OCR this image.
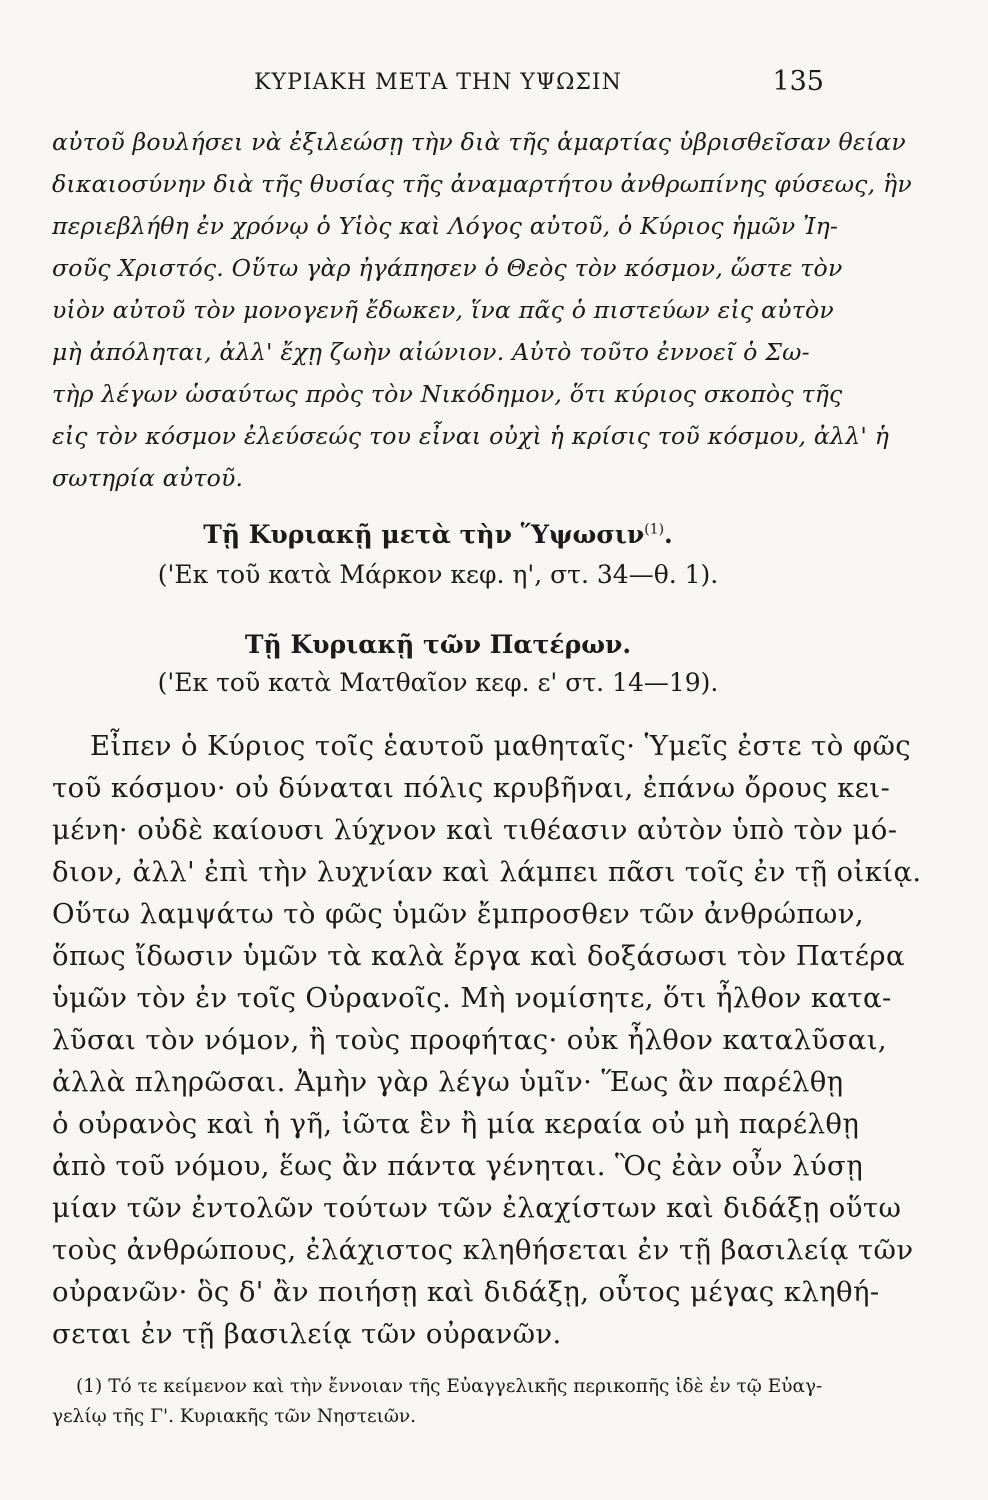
ΚΥΡΙΑΚΗ ΜΕΤΑ ΤΗΝ ΥΨΩΣΙΝ	135
αὐτοῦ βουλήσει νὰ ἐξιλεώσῃ τὴν διὰ τῆς ἁμαρτίας ὑβρισθεῖσαν θείαν
δικαιοσύνην διὰ τῆς θυσίας τῆς ἀναμαρτήτου ἀνθρωπίνης φύσεως, ἣν
περιεβλήθη ἐν χρόνῳ ὁ Υἱὸς καὶ Λόγος αὐτοῦ, ὁ Κύριος ἡμῶν Ἰη-
σοῦς Χριστός. Οὕτω γὰρ ἠγάπησεν ὁ Θεὸς τὸν κόσμον, ὥστε τὸν
υἱὸν αὐτοῦ τὸν μονογενῆ ἔδωκεν, ἵνα πᾶς ὁ πιστεύων εἰς αὐτὸν
μὴ ἀπόληται, ἀλλ' ἔχῃ ζωὴν αἰώνιον. Αὐτὸ τοῦτο ἐννοεῖ ὁ Σω-
τὴρ λέγων ὡσαύτως πρὸς τὸν Νικόδημον, ὅτι κύριος σκοπὸς τῆς
εἰς τὸν κόσμον ἐλεύσεώς του εἶναι οὐχὶ ἡ κρίσις τοῦ κόσμου, ἀλλ' ἡ
σωτηρία αὐτοῦ.
Τῇ Κυριακῇ μετὰ τὴν Ὕψωσιν$^{(1)}$.
('Εκ τοῦ κατὰ Μάρκον κεφ. η', στ. 34—θ. 1).
Τῇ Κυριακῇ τῶν Πατέρων.
('Εκ τοῦ κατὰ Ματθαῖον κεφ. ε' στ. 14—19).
Εἶπεν ὁ Κύριος τοῖς ἑαυτοῦ μαθηταῖς· Ὑμεῖς ἐστε τὸ φῶς
τοῦ κόσμου· οὐ δύναται πόλις κρυβῆναι, ἐπάνω ὄρους κει-
μένη· οὐδὲ καίουσι λύχνον καὶ τιθέασιν αὐτὸν ὑπὸ τὸν μό-
διον, ἀλλ' ἐπὶ τὴν λυχνίαν καὶ λάμπει πᾶσι τοῖς ἐν τῇ οἰκίᾳ.
Οὕτω λαμψάτω τὸ φῶς ὑμῶν ἔμπροσθεν τῶν ἀνθρώπων,
ὅπως ἴδωσιν ὑμῶν τὰ καλὰ ἔργα καὶ δοξάσωσι τὸν Πατέρα
ὑμῶν τὸν ἐν τοῖς Οὐρανοῖς. Μὴ νομίσητε, ὅτι ἦλθον κατα-
λῦσαι τὸν νόμον, ἢ τοὺς προφήτας· οὐκ ἦλθον καταλῦσαι,
ἀλλὰ πληρῶσαι. Ἀμὴν γὰρ λέγω ὑμῖν· Ἕως ἂν παρέλθῃ
ὁ οὐρανὸς καὶ ἡ γῆ, ἰῶτα ἓν ἢ μία κεραία οὐ μὴ παρέλθῃ
ἀπὸ τοῦ νόμου, ἕως ἂν πάντα γένηται. Ὃς ἐὰν οὖν λύσῃ
μίαν τῶν ἐντολῶν τούτων τῶν ἐλαχίστων καὶ διδάξῃ οὕτω
τοὺς ἀνθρώπους, ἐλάχιστος κληθήσεται ἐν τῇ βασιλείᾳ τῶν
οὐρανῶν· ὃς δ' ἂν ποιήσῃ καὶ διδάξῃ, οὗτος μέγας κληθή-
σεται ἐν τῇ βασιλείᾳ τῶν οὐρανῶν.
(1) Τό τε κείμενον καὶ τὴν ἔννοιαν τῆς Εὐαγγελικῆς περικοπῆς ἰδὲ ἐν τῷ Εὐαγ-
γελίῳ τῆς Γ'. Κυριακῆς τῶν Νηστειῶν.
